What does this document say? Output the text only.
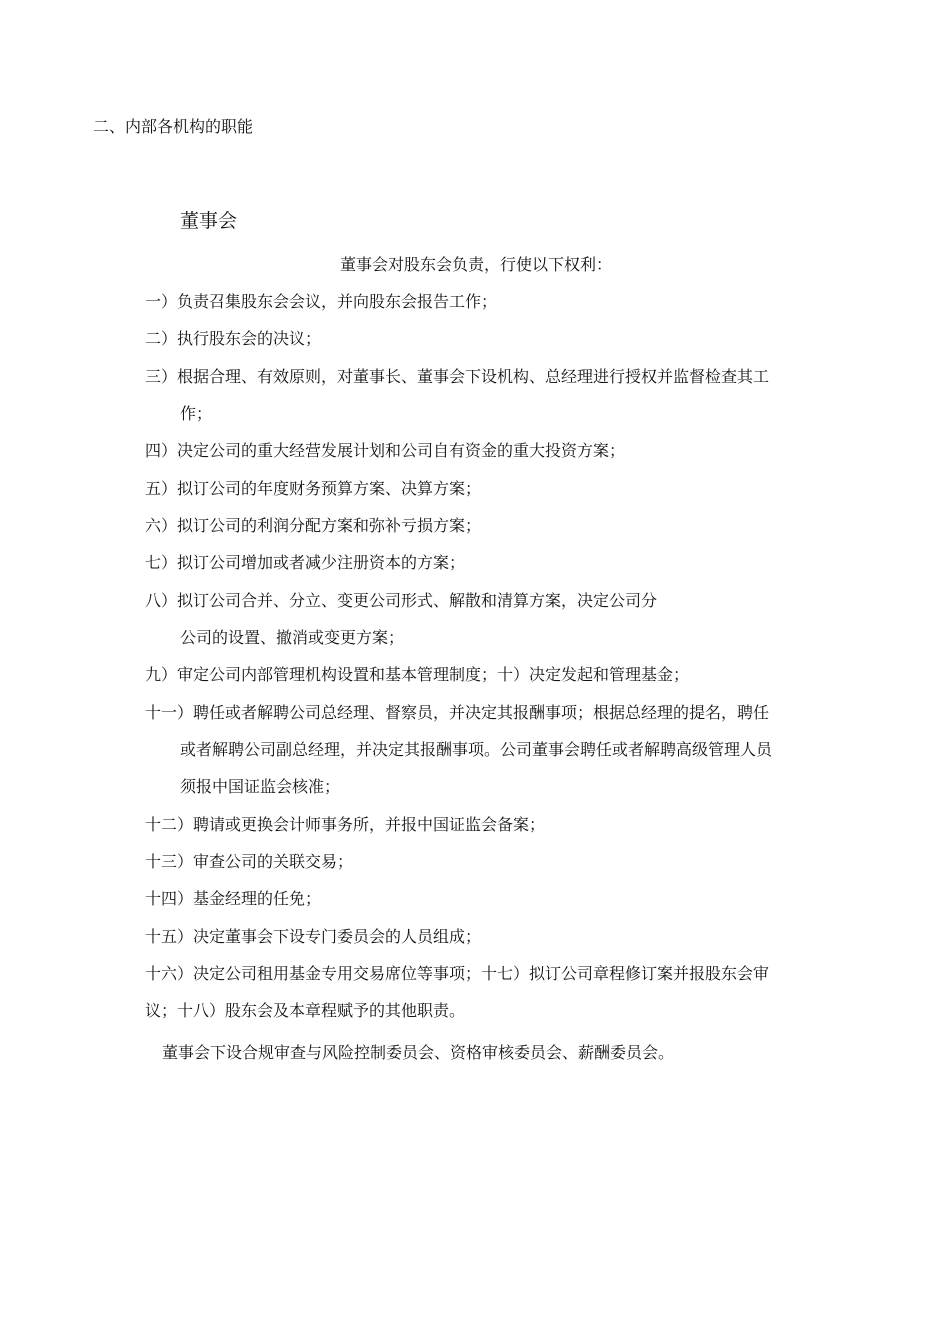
二、内部各机构的职能
董事会
董事会对股东会负责，行使以下权利：
一）负责召集股东会会议，并向股东会报告工作；
二）执行股东会的决议；
三）根据合理、有效原则，对董事长、董事会下设机构、总经理进行授权并监督检查其工
作；
四）决定公司的重大经营发展计划和公司自有资金的重大投资方案；
五）拟订公司的年度财务预算方案、决算方案；
六）拟订公司的利润分配方案和弥补亏损方案；
七）拟订公司增加或者减少注册资本的方案；
八）拟订公司合并、分立、变更公司形式、解散和清算方案，决定公司分
公司的设置、撤消或变更方案；
九）审定公司内部管理机构设置和基本管理制度；十）决定发起和管理基金；
十一）聘任或者解聘公司总经理、督察员，并决定其报酬事项；根据总经理的提名，聘任
或者解聘公司副总经理，并决定其报酬事项。公司董事会聘任或者解聘高级管理人员
须报中国证监会核准；
十二）聘请或更换会计师事务所，并报中国证监会备案；
十三）审查公司的关联交易；
十四）基金经理的任免；
十五）决定董事会下设专门委员会的人员组成；
十六）决定公司租用基金专用交易席位等事项；十七）拟订公司章程修订案并报股东会审
议；十八）股东会及本章程赋予的其他职责。
董事会下设合规审查与风险控制委员会、资格审核委员会、薪酬委员会。
